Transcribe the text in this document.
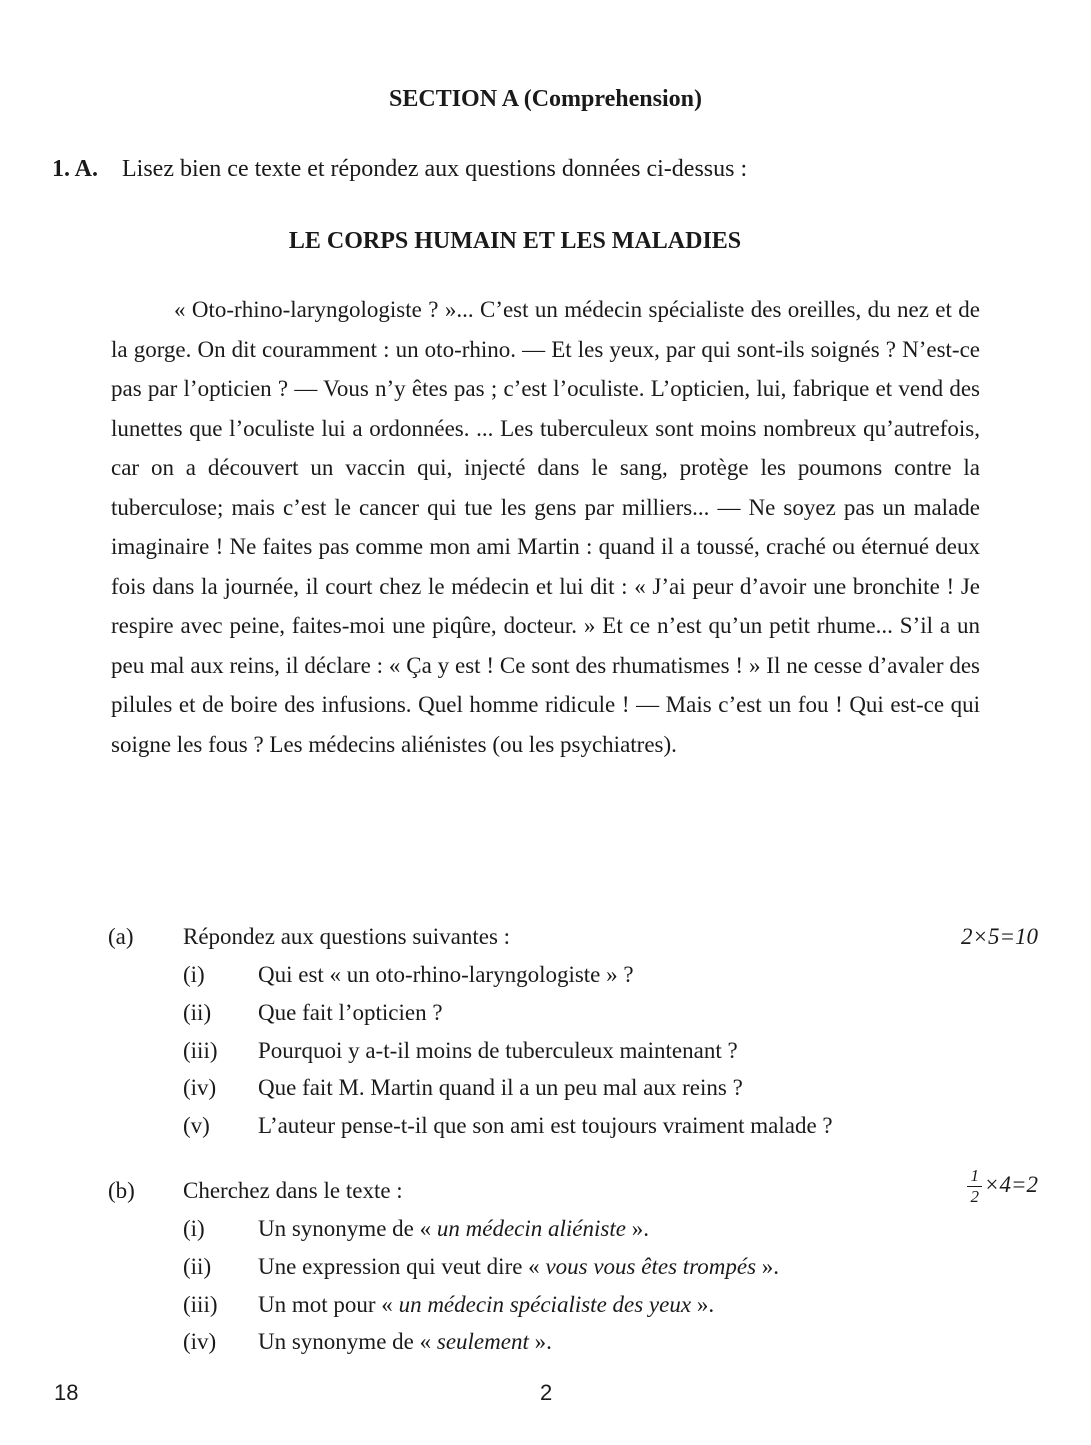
SECTION A (Comprehension)
1. A. Lisez bien ce texte et répondez aux questions données ci-dessus :
LE CORPS HUMAIN ET LES MALADIES

« Oto-rhino-laryngologiste ? »... C’est un médecin spécialiste des oreilles, du nez et de la gorge. On dit couramment : un oto-rhino. — Et les yeux, par qui sont-ils soignés ? N’est-ce pas par l’opticien ? — Vous n’y êtes pas ; c’est l’oculiste. L’opticien, lui, fabrique et vend des lunettes que l’oculiste lui a ordonnées. ... Les tuberculeux sont moins nombreux qu’autrefois, car on a découvert un vaccin qui, injecté dans le sang, protège les poumons contre la tuberculose; mais c’est le cancer qui tue les gens par milliers... — Ne soyez pas un malade imaginaire ! Ne faites pas comme mon ami Martin : quand il a toussé, craché ou éternué deux fois dans la journée, il court chez le médecin et lui dit : « J’ai peur d’avoir une bronchite ! Je respire avec peine, faites-moi une piqûre, docteur. » Et ce n’est qu’un petit rhume... S’il a un peu mal aux reins, il déclare : « Ça y est ! Ce sont des rhumatismes ! » Il ne cesse d’avaler des pilules et de boire des infusions. Quel homme ridicule ! — Mais c’est un fou ! Qui est-ce qui soigne les fous ? Les médecins aliénistes (ou les psychiatres).

(a) Répondez aux questions suivantes :	2×5=10
(i) Qui est « un oto-rhino-laryngologiste » ?
(ii) Que fait l’opticien ?
(iii) Pourquoi y a-t-il moins de tuberculeux maintenant ?
(iv) Que fait M. Martin quand il a un peu mal aux reins ?
(v) L’auteur pense-t-il que son ami est toujours vraiment malade ?
(b) Cherchez dans le texte :	$\frac{1}{2} \times 4=2$
(i) Un synonyme de « un médecin aliéniste ».
(ii) Une expression qui veut dire « vous vous êtes trompés ».
(iii) Un mot pour « un médecin spécialiste des yeux ».
(iv) Un synonyme de « seulement ».
18	2
